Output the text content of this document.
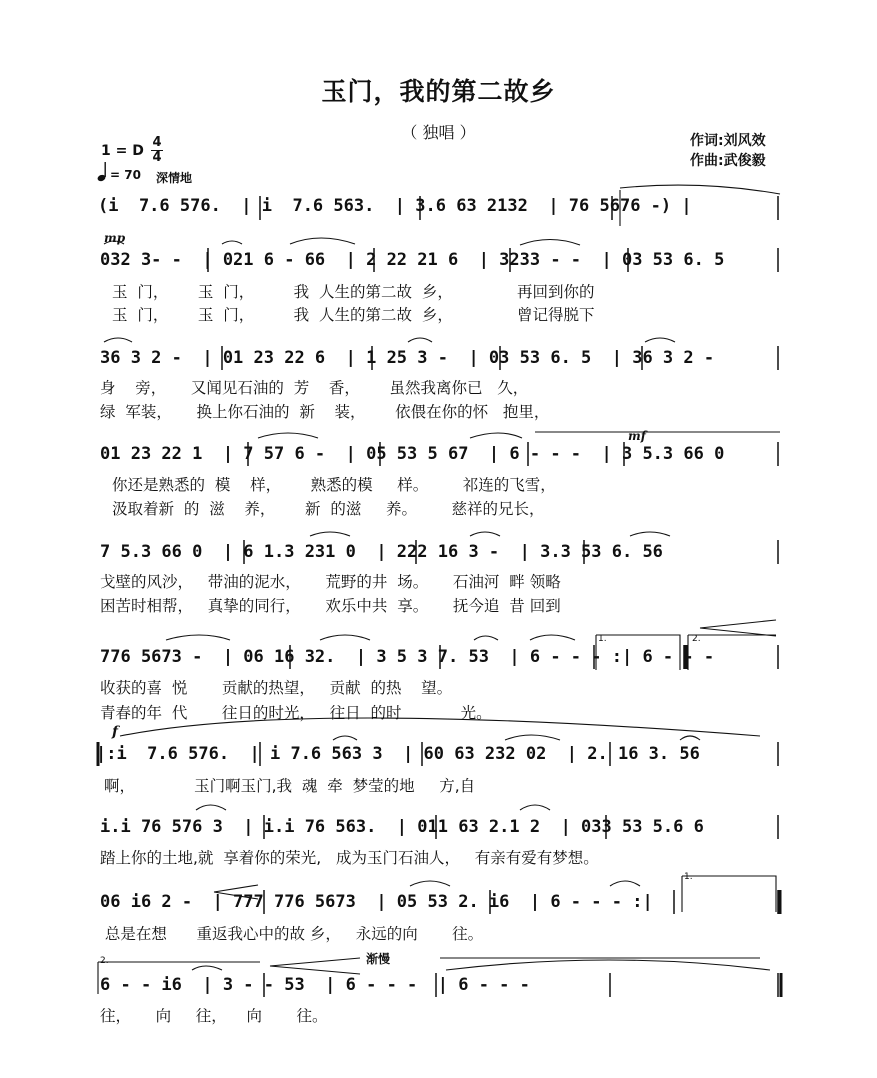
玉门，我的第二故乡
（ 独唱 ）	作词:刘风效
作曲:武俊毅
1 = D
4
4
= 70 深情地
mp
mf
f
渐慢
1.	2.
1.
2.
(i  7.6 576.  | i  7.6 563.  | 3.6 63 2132  | 76 5676 -) |
032 3- -  | 021 6 - 66  | 2 22 21 6  | 3233 - -  | 03 53 6. 5
玉  门，      玉  门，        我  人生的第二故  乡，             再回到你的
玉  门，      玉  门，        我  人生的第二故  乡，             曾记得脱下
36 3 2 -  | 01 23 22 6  | 1 25 3 -  | 03 53 6. 5  | 36 3 2 -
身    旁，     又闻见石油的  芳    香，      虽然我离你已   久，
绿  军装，     换上你石油的  新    装，      依偎在你的怀   抱里，
01 23 22 1  | 7 57 6 -  | 05 53 5 67  | 6 - - -  | 3 5.3 66 0
你还是熟悉的  模    样，      熟悉的模     样。       祁连的飞雪，
汲取着新  的  滋    养，      新  的滋     养。       慈祥的兄长，
7 5.3 66 0  | 6 1.3 231 0  | 222 16 3 -  | 3.3 53 6. 56
戈壁的风沙，   带油的泥水，     荒野的井  场。     石油河  畔 领略
困苦时相帮，   真挚的同行，     欢乐中共  享。     抚今追  昔 回到
776 5673 -  | 06 16 32.  | 3 5 3 7. 53  | 6 - - - :| 6 - - -
收获的喜  悦       贡献的热望，   贡献  的热    望。
青春的年  代       往日的时光，   往日  的时            光。
|:i  7.6 576.  | i 7.6 563 3  | 60 63 232 02  | 2. 16 3. 56
啊，            玉门啊玉门,我  魂  牵  梦莹的地     方,自
i.i 76 576 3  | i.i 76 563.  | 011 63 2.1 2  | 033 53 5.6 6
踏上你的土地,就  享着你的荣光,   成为玉门石油人，   有亲有爱有梦想。
06 i6 2 -  | 777 776 5673  | 05 53 2. i6  | 6 - - - :|
总是在想      重返我心中的故 乡，   永远的向       往。
6 - - i6  | 3 - - 53  | 6 - - -  | 6 - - -
往，     向     往，    向       往。
